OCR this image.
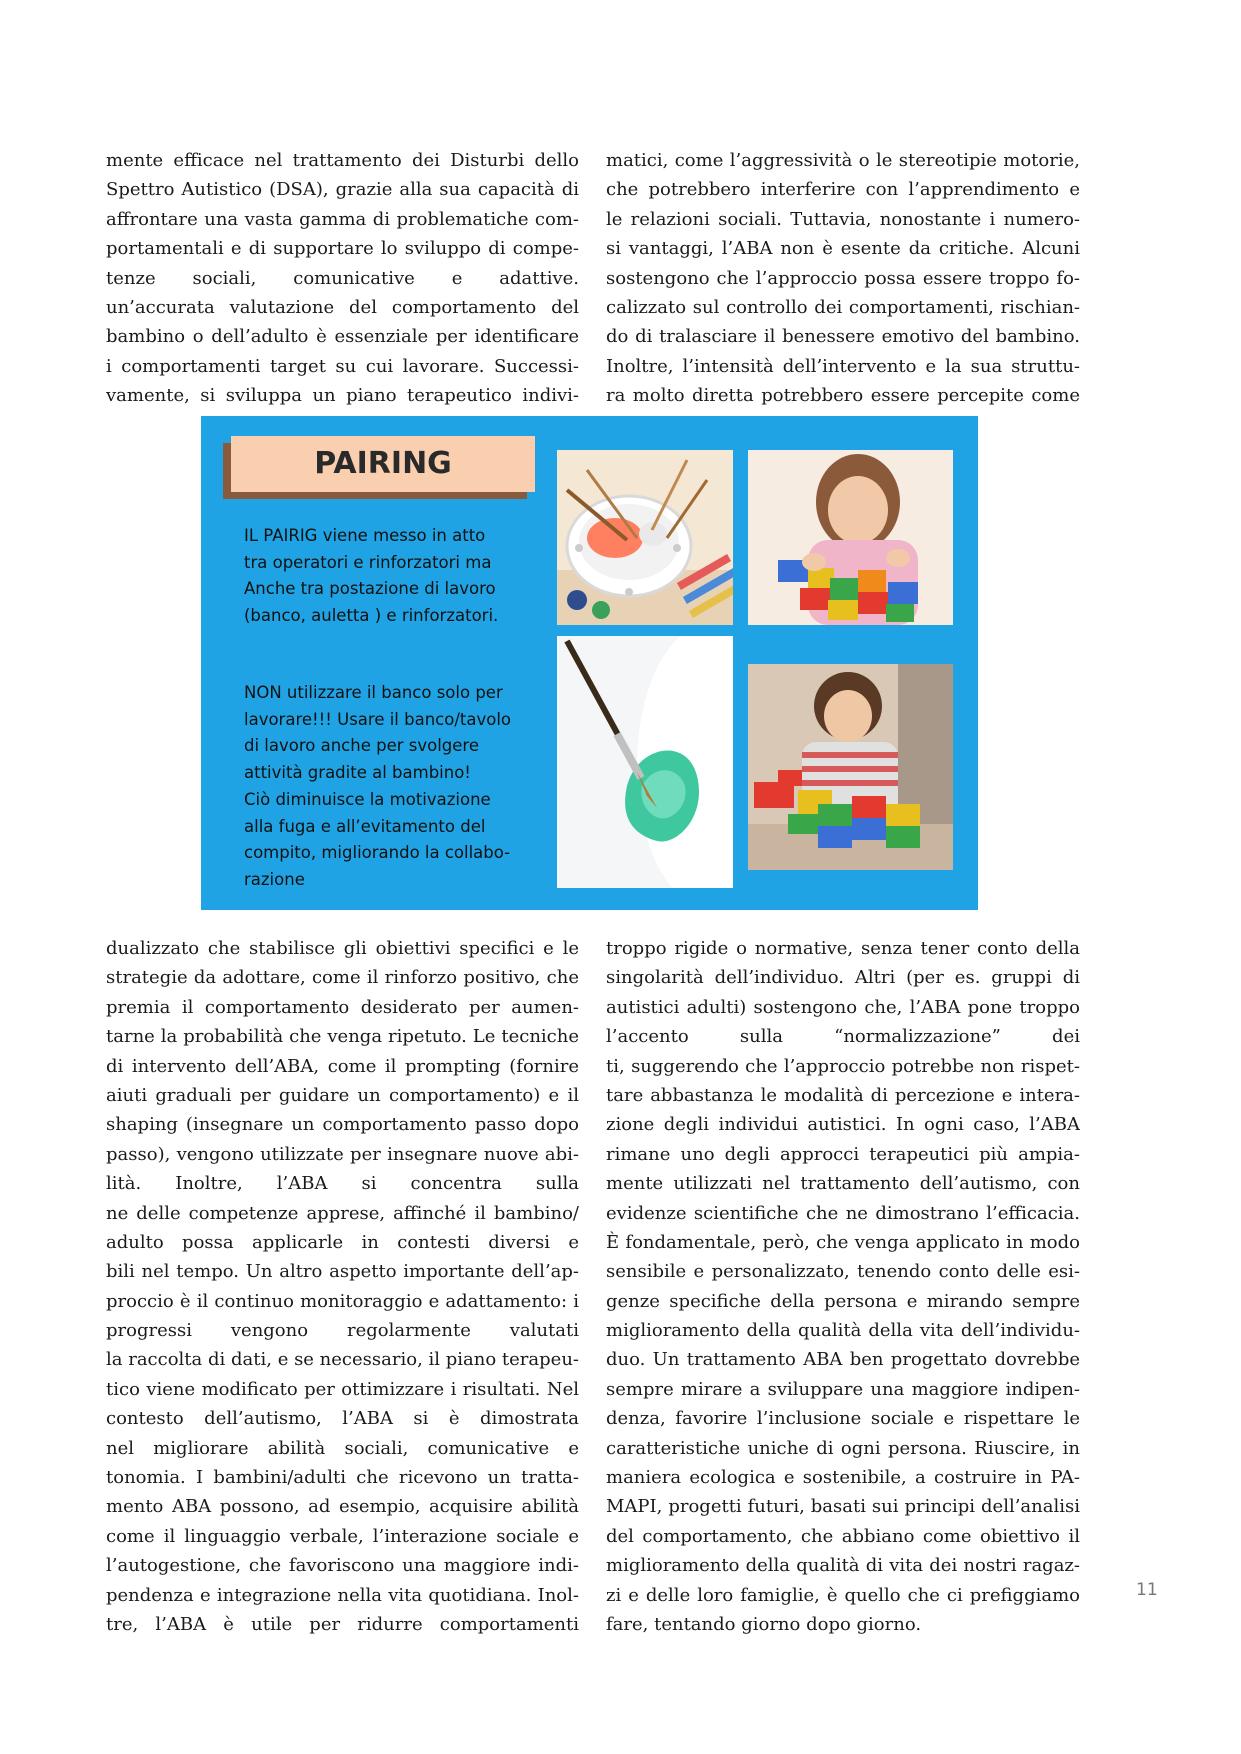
mente efficace nel trattamento dei Disturbi dello
Spettro Autistico (DSA), grazie alla sua capacità di
affrontare una vasta gamma di problematiche com-
portamentali e di supportare lo sviluppo di compe-
tenze sociali, comunicative e adattive.
un’accurata valutazione del comportamento del
bambino o dell’adulto è essenziale per identificare
i comportamenti target su cui lavorare. Successi-
vamente, si sviluppa un piano terapeutico indivi-
matici, come l’aggressività o le stereotipie motorie,
che potrebbero interferire con l’apprendimento e
le relazioni sociali. Tuttavia, nonostante i numero-
si vantaggi, l’ABA non è esente da critiche. Alcuni
sostengono che l’approccio possa essere troppo fo-
calizzato sul controllo dei comportamenti, rischian-
do di tralasciare il benessere emotivo del bambino.
Inoltre, l’intensità dell’intervento e la sua struttu-
ra molto diretta potrebbero essere percepite come
PAIRING
IL PAIRIG viene messo in atto
tra operatori e rinforzatori ma
Anche tra postazione di lavoro
(banco, auletta ) e rinforzatori.
NON utilizzare il banco solo per
lavorare!!! Usare il banco/tavolo
di lavoro anche per svolgere
attività gradite al bambino!
Ciò diminuisce la motivazione
alla fuga e all’evitamento del
compito, migliorando la collabo-
razione
dualizzato che stabilisce gli obiettivi specifici e le
strategie da adottare, come il rinforzo positivo, che
premia il comportamento desiderato per aumen-
tarne la probabilità che venga ripetuto. Le tecniche
di intervento dell’ABA, come il prompting (fornire
aiuti graduali per guidare un comportamento) e il
shaping (insegnare un comportamento passo dopo
passo), vengono utilizzate per insegnare nuove abi-
lità. Inoltre, l’ABA si concentra sulla
ne delle competenze apprese, affinché il bambino/
adulto possa applicarle in contesti diversi e
bili nel tempo. Un altro aspetto importante dell’ap-
proccio è il continuo monitoraggio e adattamento: i
progressi vengono regolarmente valutati
la raccolta di dati, e se necessario, il piano terapeu-
tico viene modificato per ottimizzare i risultati. Nel
contesto dell’autismo, l’ABA si è dimostrata
nel migliorare abilità sociali, comunicative e
tonomia. I bambini/adulti che ricevono un tratta-
mento ABA possono, ad esempio, acquisire abilità
come il linguaggio verbale, l’interazione sociale e
l’autogestione, che favoriscono una maggiore indi-
pendenza e integrazione nella vita quotidiana. Inol-
tre, l’ABA è utile per ridurre comportamenti
troppo rigide o normative, senza tener conto della
singolarità dell’individuo. Altri (per es. gruppi di
autistici adulti) sostengono che, l’ABA pone troppo
l’accento sulla “normalizzazione” dei
ti, suggerendo che l’approccio potrebbe non rispet-
tare abbastanza le modalità di percezione e intera-
zione degli individui autistici. In ogni caso, l’ABA
rimane uno degli approcci terapeutici più ampia-
mente utilizzati nel trattamento dell’autismo, con
evidenze scientifiche che ne dimostrano l’efficacia.
È fondamentale, però, che venga applicato in modo
sensibile e personalizzato, tenendo conto delle esi-
genze specifiche della persona e mirando sempre
miglioramento della qualità della vita dell’individu-
duo. Un trattamento ABA ben progettato dovrebbe
sempre mirare a sviluppare una maggiore indipen-
denza, favorire l’inclusione sociale e rispettare le
caratteristiche uniche di ogni persona. Riuscire, in
maniera ecologica e sostenibile, a costruire in PA-
MAPI, progetti futuri, basati sui principi dell’analisi
del comportamento, che abbiano come obiettivo il
miglioramento della qualità di vita dei nostri ragaz-
zi e delle loro famiglie, è quello che ci prefiggiamo
fare, tentando giorno dopo giorno.
11
